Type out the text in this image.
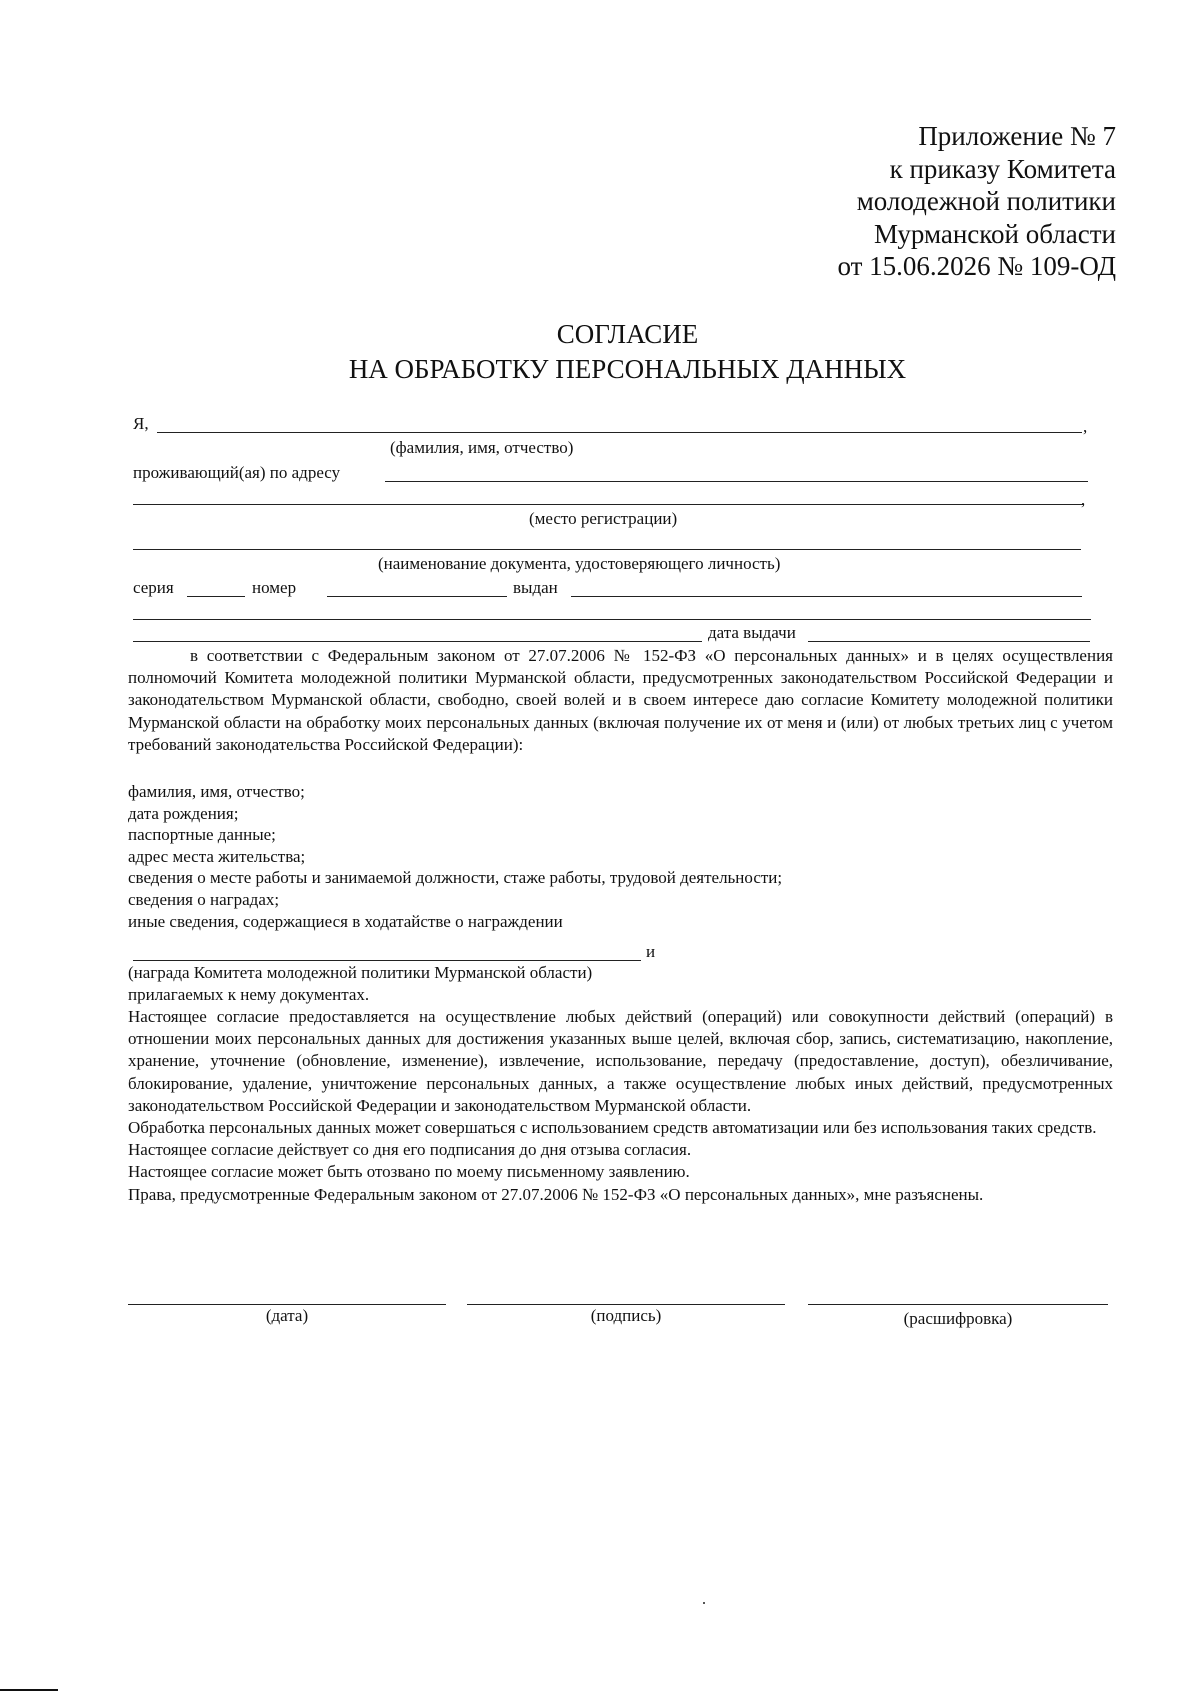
Приложение № 7
к приказу Комитета
молодежной политики
Мурманской области
от 15.06.2026 № 109-ОД
СОГЛАСИЕ
НА ОБРАБОТКУ ПЕРСОНАЛЬНЫХ ДАННЫХ
Я,	,
(фамилия, имя, отчество)
проживающий(ая) по адресу
,
(место регистрации)
(наименование документа, удостоверяющего личность)
серия	номер	выдан
дата выдачи
в соответствии с Федеральным законом от 27.07.2006 № 152-ФЗ «О персональных данных» и в целях осуществления полномочий Комитета молодежной политики Мурманской области, предусмотренных законодательством Российской Федерации и законодательством Мурманской области, свободно, своей волей и в своем интересе даю согласие Комитету молодежной политики Мурманской области на обработку моих персональных данных (включая получение их от меня и (или) от любых третьих лиц с учетом требований законодательства Российской Федерации):
фамилия, имя, отчество;
дата рождения;
паспортные данные;
адрес места жительства;
сведения о месте работы и занимаемой должности, стаже работы, трудовой деятельности;
сведения о наградах;
иные сведения, содержащиеся в ходатайстве о награждении
и
(награда Комитета молодежной политики Мурманской области)
прилагаемых к нему документах.

Настоящее согласие предоставляется на осуществление любых действий (операций) или совокупности действий (операций) в отношении моих персональных данных для достижения указанных выше целей, включая сбор, запись, систематизацию, накопление, хранение, уточнение (обновление, изменение), извлечение, использование, передачу (предоставление, доступ), обезличивание, блокирование, удаление, уничтожение персональных данных, а также осуществление любых иных действий, предусмотренных законодательством Российской Федерации и законодательством Мурманской области.

Обработка персональных данных может совершаться с использованием средств автоматизации или без использования таких средств.

Настоящее согласие действует со дня его подписания до дня отзыва согласия.

Настоящее согласие может быть отозвано по моему письменному заявлению.

Права, предусмотренные Федеральным законом от 27.07.2006 № 152-ФЗ «О персональных данных», мне разъяснены.

(дата)	(подпись)	(расшифровка)
